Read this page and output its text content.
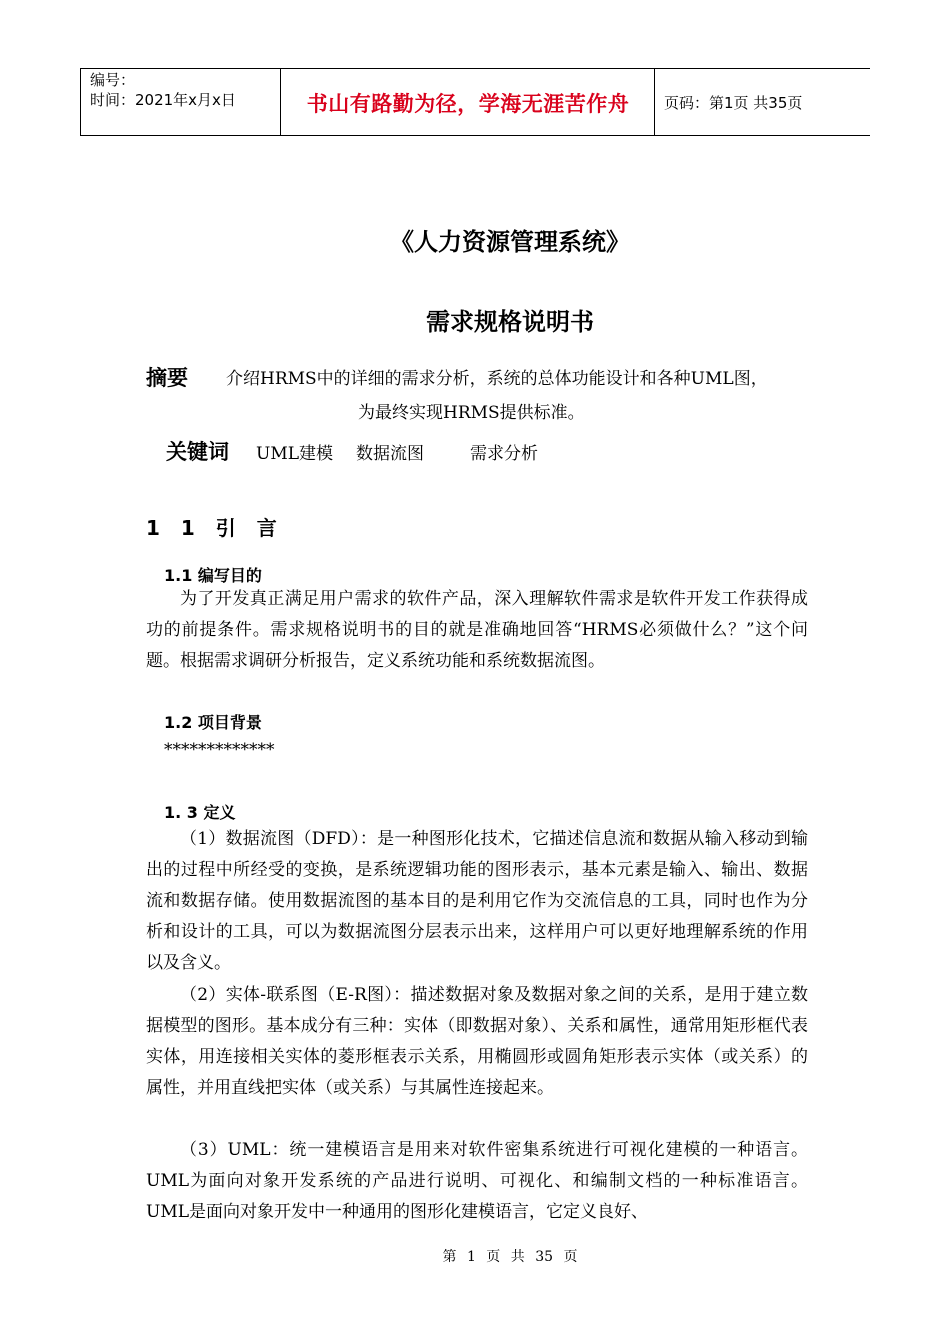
编号：
时间：2021年x月x日	书山有路勤为径，学海无涯苦作舟	页码：第1页 共35页
《人力资源管理系统》
需求规格说明书
摘要 介绍HRMS中的详细的需求分析，系统的总体功能设计和各种UML图，
为最终实现HRMS提供标准。
关键词 UML建模 数据流图	需求分析
1 1 引 言
1.1 编写目的

为了开发真正满足用户需求的软件产品，深入理解软件需求是软件开发工作获得成功的前提条件。需求规格说明书的目的就是准确地回答“HRMS必须做什么？”这个问题。根据需求调研分析报告，定义系统功能和系统数据流图。

1.2 项目背景
*************
1. 3 定义

（1）数据流图（DFD）：是一种图形化技术，它描述信息流和数据从输入移动到输出的过程中所经受的变换，是系统逻辑功能的图形表示，基本元素是输入、输出、数据流和数据存储。使用数据流图的基本目的是利用它作为交流信息的工具，同时也作为分析和设计的工具，可以为数据流图分层表示出来，这样用户可以更好地理解系统的作用以及含义。

（2）实体-联系图（E-R图）：描述数据对象及数据对象之间的关系，是用于建立数据模型的图形。基本成分有三种：实体（即数据对象）、关系和属性，通常用矩形框代表实体，用连接相关实体的菱形框表示关系，用椭圆形或圆角矩形表示实体（或关系）的属性，并用直线把实体（或关系）与其属性连接起来。

（3）UML：统一建模语言是用来对软件密集系统进行可视化建模的一种语言。UML为面向对象开发系统的产品进行说明、可视化、和编制文档的一种标准语言。UML是面向对象开发中一种通用的图形化建模语言，它定义良好、

第 1 页 共 35 页
